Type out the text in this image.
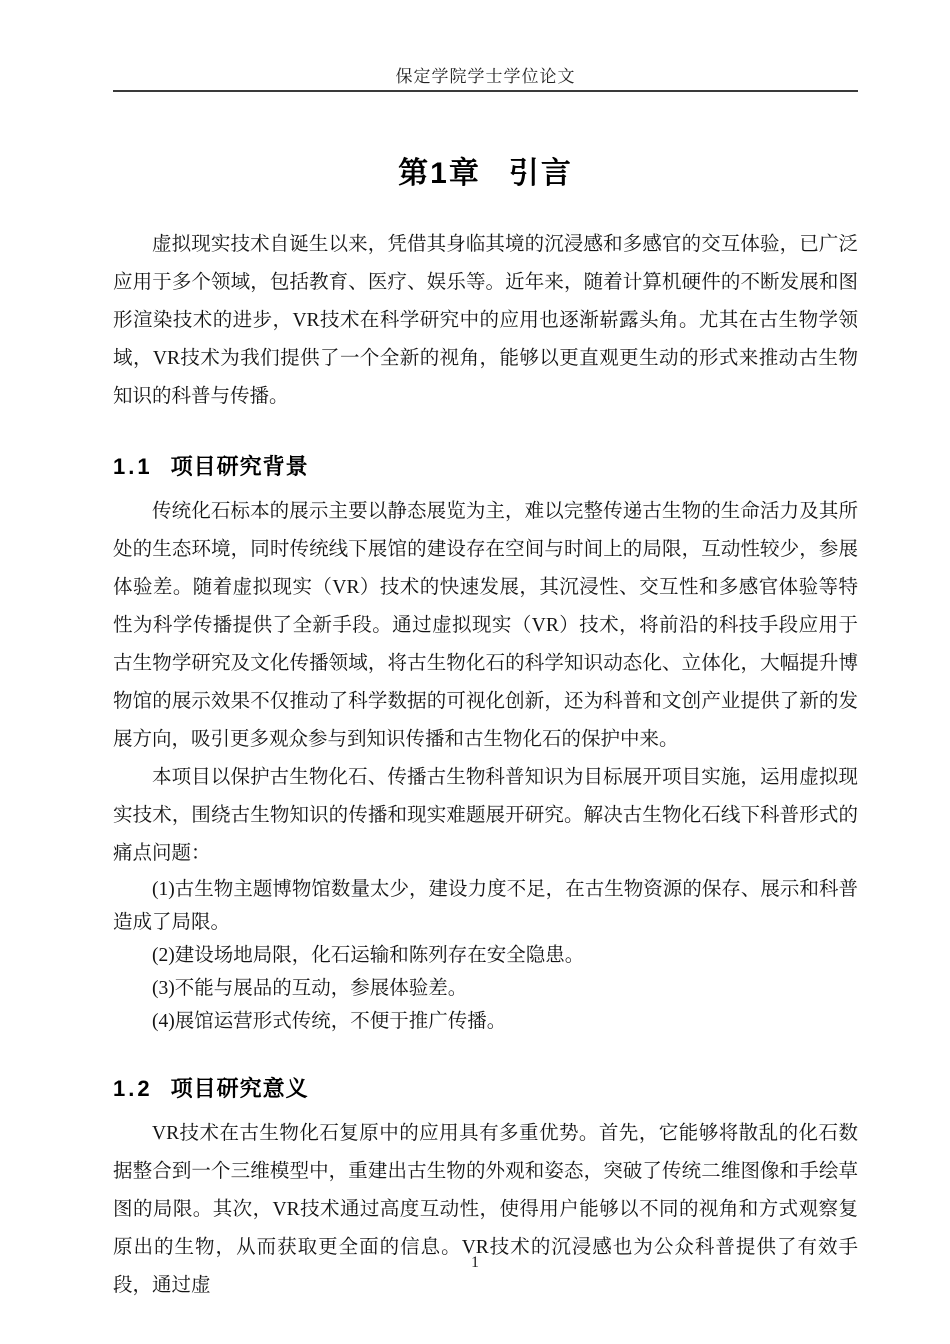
保定学院学士学位论文
第1章 引言

虚拟现实技术自诞生以来，凭借其身临其境的沉浸感和多感官的交互体验，已广泛应用于多个领域，包括教育、医疗、娱乐等。近年来，随着计算机硬件的不断发展和图形渲染技术的进步，VR技术在科学研究中的应用也逐渐崭露头角。尤其在古生物学领域，VR技术为我们提供了一个全新的视角，能够以更直观更生动的形式来推动古生物知识的科普与传播。

1.1 项目研究背景

传统化石标本的展示主要以静态展览为主，难以完整传递古生物的生命活力及其所处的生态环境，同时传统线下展馆的建设存在空间与时间上的局限，互动性较少，参展体验差。随着虚拟现实（VR）技术的快速发展，其沉浸性、交互性和多感官体验等特性为科学传播提供了全新手段。通过虚拟现实（VR）技术，将前沿的科技手段应用于古生物学研究及文化传播领域，将古生物化石的科学知识动态化、立体化，大幅提升博物馆的展示效果不仅推动了科学数据的可视化创新，还为科普和文创产业提供了新的发展方向，吸引更多观众参与到知识传播和古生物化石的保护中来。

本项目以保护古生物化石、传播古生物科普知识为目标展开项目实施，运用虚拟现实技术，围绕古生物知识的传播和现实难题展开研究。解决古生物化石线下科普形式的痛点问题：

(1)古生物主题博物馆数量太少，建设力度不足，在古生物资源的保存、展示和科普造成了局限。

(2)建设场地局限，化石运输和陈列存在安全隐患。

(3)不能与展品的互动，参展体验差。

(4)展馆运营形式传统，不便于推广传播。

1.2 项目研究意义

VR技术在古生物化石复原中的应用具有多重优势。首先，它能够将散乱的化石数据整合到一个三维模型中，重建出古生物的外观和姿态，突破了传统二维图像和手绘草图的局限。其次，VR技术通过高度互动性，使得用户能够以不同的视角和方式观察复原出的生物，从而获取更全面的信息。VR技术的沉浸感也为公众科普提供了有效手段，通过虚

1
